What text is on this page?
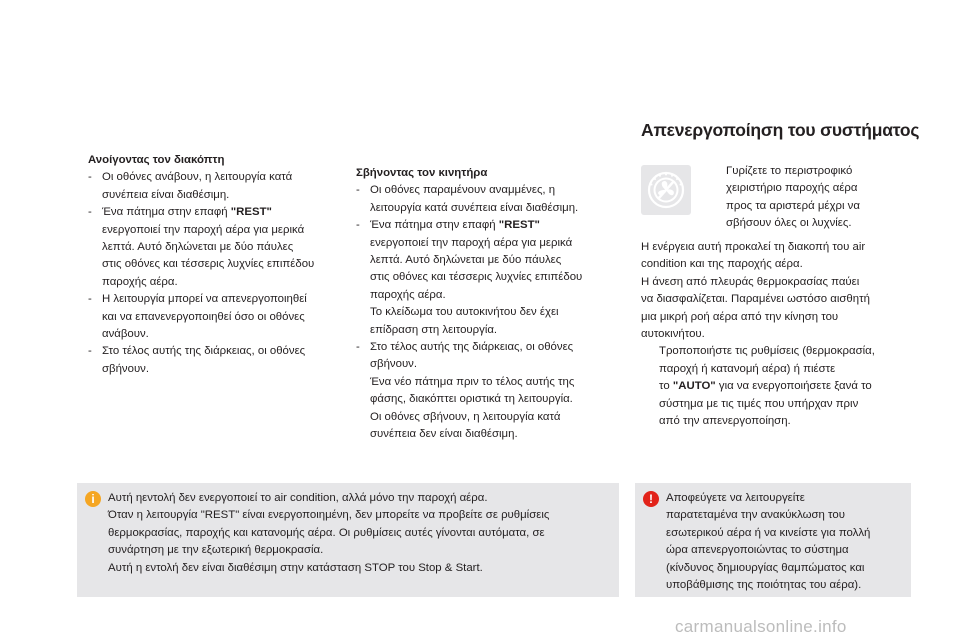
Ανοίγοντας τον διακόπτη
- Οι οθόνες ανάβουν, η λειτουργία κατά
συνέπεια είναι διαθέσιμη.
- Ένα πάτημα στην επαφή "REST"
ενεργοποιεί την παροχή αέρα για μερικά
λεπτά. Αυτό δηλώνεται με δύο πάυλες
στις οθόνες και τέσσερις λυχνίες επιπέδου
παροχής αέρα.
- Η λειτουργία μπορεί να απενεργοποιηθεί
και να επανενεργοποιηθεί όσο οι οθόνες
ανάβουν.
- Στο τέλος αυτής της διάρκειας, οι οθόνες
σβήνουν.
Σβήνοντας τον κινητήρα
- Οι οθόνες παραμένουν αναμμένες, η
λειτουργία κατά συνέπεια είναι διαθέσιμη.
- Ένα πάτημα στην επαφή "REST"
ενεργοποιεί την παροχή αέρα για μερικά
λεπτά. Αυτό δηλώνεται με δύο πάυλες
στις οθόνες και τέσσερις λυχνίες επιπέδου
παροχής αέρα.
Το κλείδωμα του αυτοκινήτου δεν έχει
επίδραση στη λειτουργία.
- Στο τέλος αυτής της διάρκειας, οι οθόνες
σβήνουν.
Ένα νέο πάτημα πριν το τέλος αυτής της
φάσης, διακόπτει οριστικά τη λειτουργία.
Οι οθόνες σβήνουν, η λειτουργία κατά
συνέπεια δεν είναι διαθέσιμη.
Απενεργοποίηση του συστήματος
Γυρίζετε το περιστροφικό
χειριστήριο παροχής αέρα
προς τα αριστερά μέχρι να
σβήσουν όλες οι λυχνίες.
Η ενέργεια αυτή προκαλεί τη διακοπή του air
condition και της παροχής αέρα.
Η άνεση από πλευράς θερμοκρασίας παύει
να διασφαλίζεται. Παραμένει ωστόσο αισθητή
μια μικρή ροή αέρα από την κίνηση του
αυτοκινήτου.
Τροποποιήστε τις ρυθμίσεις (θερμοκρασία,
παροχή ή κατανομή αέρα) ή πιέστε
το "AUTO" για να ενεργοποιήσετε ξανά το
σύστημα με τις τιμές που υπήρχαν πριν
από την απενεργοποίηση.
i	Αυτή ηεντολή δεν ενεργοποιεί το air condition, αλλά μόνο την παροχή αέρα.
Όταν η λειτουργία "REST" είναι ενεργοποιημένη, δεν μπορείτε να προβείτε σε ρυθμίσεις
θερμοκρασίας, παροχής και κατανομής αέρα. Οι ρυθμίσεις αυτές γίνονται αυτόματα, σε
συνάρτηση με την εξωτερική θερμοκρασία.
Αυτή η εντολή δεν είναι διαθέσιμη στην κατάσταση STOP του Stop & Start.
!	Αποφεύγετε να λειτουργείτε
παρατεταμένα την ανακύκλωση του
εσωτερικού αέρα ή να κινείστε για πολλή
ώρα απενεργοποιώντας το σύστημα
(κίνδυνος δημιουργίας θαμπώματος και
υποβάθμισης της ποιότητας του αέρα).
carmanualsonline.info
